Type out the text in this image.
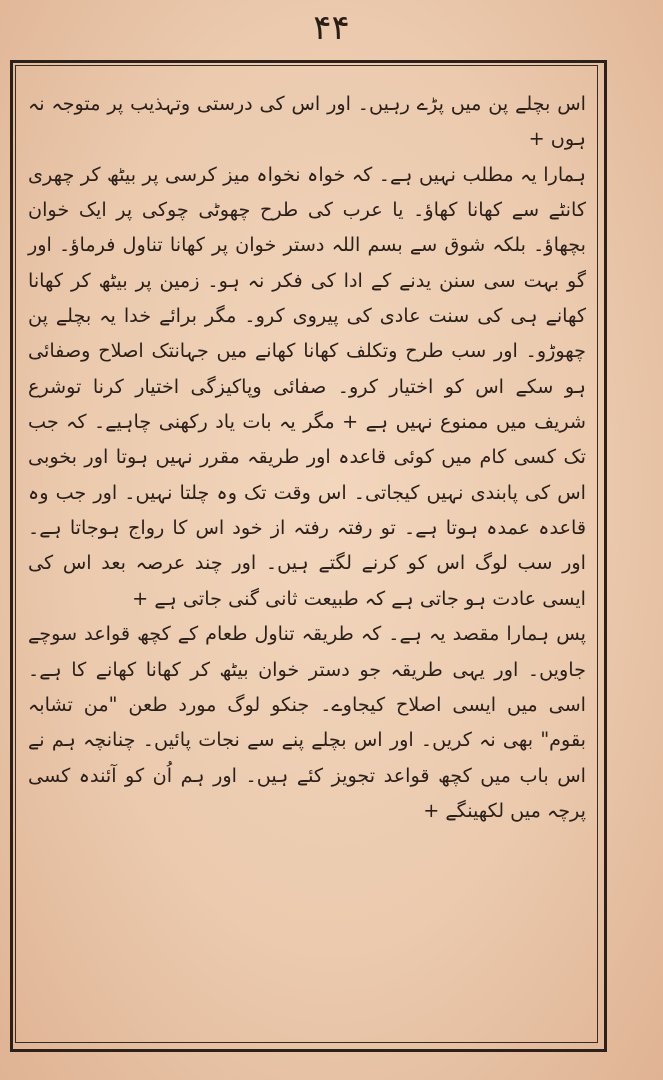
۴۴

اس بچلے پن میں پڑے رہیں۔ اور اس کی درستی وتہذیب پر متوجہ نہ ہوں +

ہمارا یہ مطلب نہیں ہے۔ کہ خواہ نخواہ میز کرسی پر بیٹھ کر چھری کانٹے سے کھانا کھاؤ۔ یا عرب کی طرح چھوٹی چوکی پر ایک خوان بچھاؤ۔ بلکہ شوق سے بسم اللہ دستر خوان پر کھانا تناول فرماؤ۔ اور گو بہت سی سنن یدنے کے ادا کی فکر نہ ہو۔ زمین پر بیٹھ کر کھانا کھانے ہی کی سنت عادی کی پیروی کرو۔ مگر برائے خدا یہ بچلے پن چھوڑو۔ اور سب طرح وتکلف کھانا کھانے میں جہانتک اصلاح وصفائی ہو سکے اس کو اختیار کرو۔ صفائی وپاکیزگی اختیار کرنا توشرع شریف میں ممنوع نہیں ہے + مگر یہ بات یاد رکھنی چاہیے۔ کہ جب تک کسی کام میں کوئی قاعدہ اور طریقہ مقرر نہیں ہوتا اور بخوبی اس کی پابندی نہیں کیجاتی۔ اس وقت تک وہ چلتا نہیں۔ اور جب وہ قاعدہ عمدہ ہوتا ہے۔ تو رفتہ رفتہ از خود اس کا رواج ہوجاتا ہے۔ اور سب لوگ اس کو کرنے لگتے ہیں۔ اور چند عرصہ بعد اس کی ایسی عادت ہو جاتی ہے کہ طبیعت ثانی گنی جاتی ہے +

پس ہمارا مقصد یہ ہے۔ کہ طریقہ تناول طعام کے کچھ قواعد سوچے جاویں۔ اور یہی طریقہ جو دستر خوان بیٹھ کر کھانا کھانے کا ہے۔ اسی میں ایسی اصلاح کیجاوے۔ جنکو لوگ مورد طعن "من تشابہ بقوم" بھی نہ کریں۔ اور اس بچلے پنے سے نجات پائیں۔ چنانچہ ہم نے اس باب میں کچھ قواعد تجویز کئے ہیں۔ اور ہم اُن کو آئندہ کسی پرچہ میں لکھینگے +
